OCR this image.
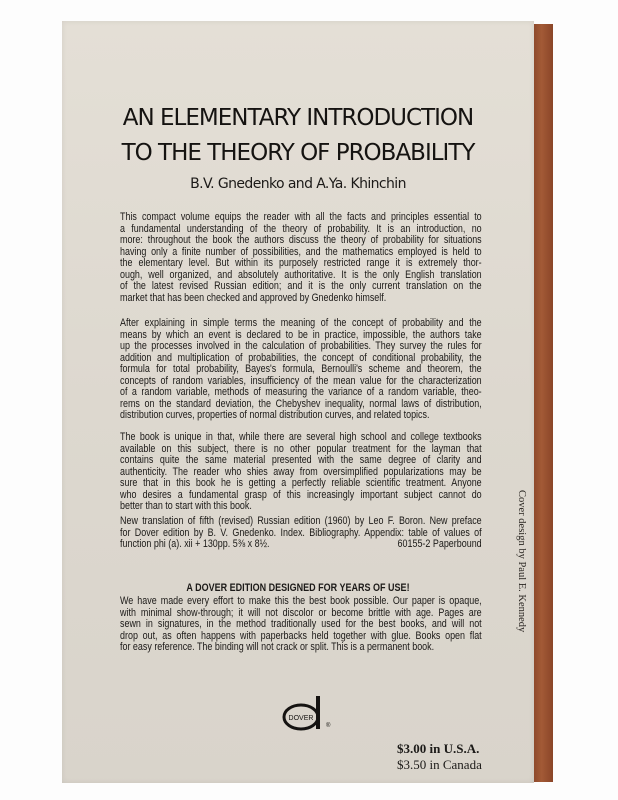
AN ELEMENTARY INTRODUCTION
TO THE THEORY OF PROBABILITY
B.V. Gnedenko and A.Ya. Khinchin
This compact volume equips the reader with all the facts and principles essential to
a fundamental understanding of the theory of probability. It is an introduction, no
more: throughout the book the authors discuss the theory of probability for situations
having only a finite number of possibilities, and the mathematics employed is held to
the elementary level. But within its purposely restricted range it is extremely thor-
ough, well organized, and absolutely authoritative. It is the only English translation
of the latest revised Russian edition; and it is the only current translation on the
market that has been checked and approved by Gnedenko himself.
After explaining in simple terms the meaning of the concept of probability and the
means by which an event is declared to be in practice, impossible, the authors take
up the processes involved in the calculation of probabilities. They survey the rules for
addition and multiplication of probabilities, the concept of conditional probability, the
formula for total probability, Bayes's formula, Bernoulli's scheme and theorem, the
concepts of random variables, insufficiency of the mean value for the characterization
of a random variable, methods of measuring the variance of a random variable, theo-
rems on the standard deviation, the Chebyshev inequality, normal laws of distribution,
distribution curves, properties of normal distribution curves, and related topics.
The book is unique in that, while there are several high school and college textbooks
available on this subject, there is no other popular treatment for the layman that
contains quite the same material presented with the same degree of clarity and
authenticity. The reader who shies away from oversimplified popularizations may be
sure that in this book he is getting a perfectly reliable scientific treatment. Anyone
who desires a fundamental grasp of this increasingly important subject cannot do
better than to start with this book.
New translation of fifth (revised) Russian edition (1960) by Leo F. Boron. New preface
for Dover edition by B. V. Gnedenko. Index. Bibliography. Appendix: table of values of
function phi (a). xii + 130pp. 5⅜ x 8½.	60155-2 Paperbound
A DOVER EDITION DESIGNED FOR YEARS OF USE!
We have made every effort to make this the best book possible. Our paper is opaque,
with minimal show-through; it will not discolor or become brittle with age. Pages are
sewn in signatures, in the method traditionally used for the best books, and will not
drop out, as often happens with paperbacks held together with glue. Books open flat
for easy reference. The binding will not crack or split. This is a permanent book.
DOVER
®
$3.00 in U.S.A.
$3.50 in Canada
Cover design by Paul E. Kennedy
